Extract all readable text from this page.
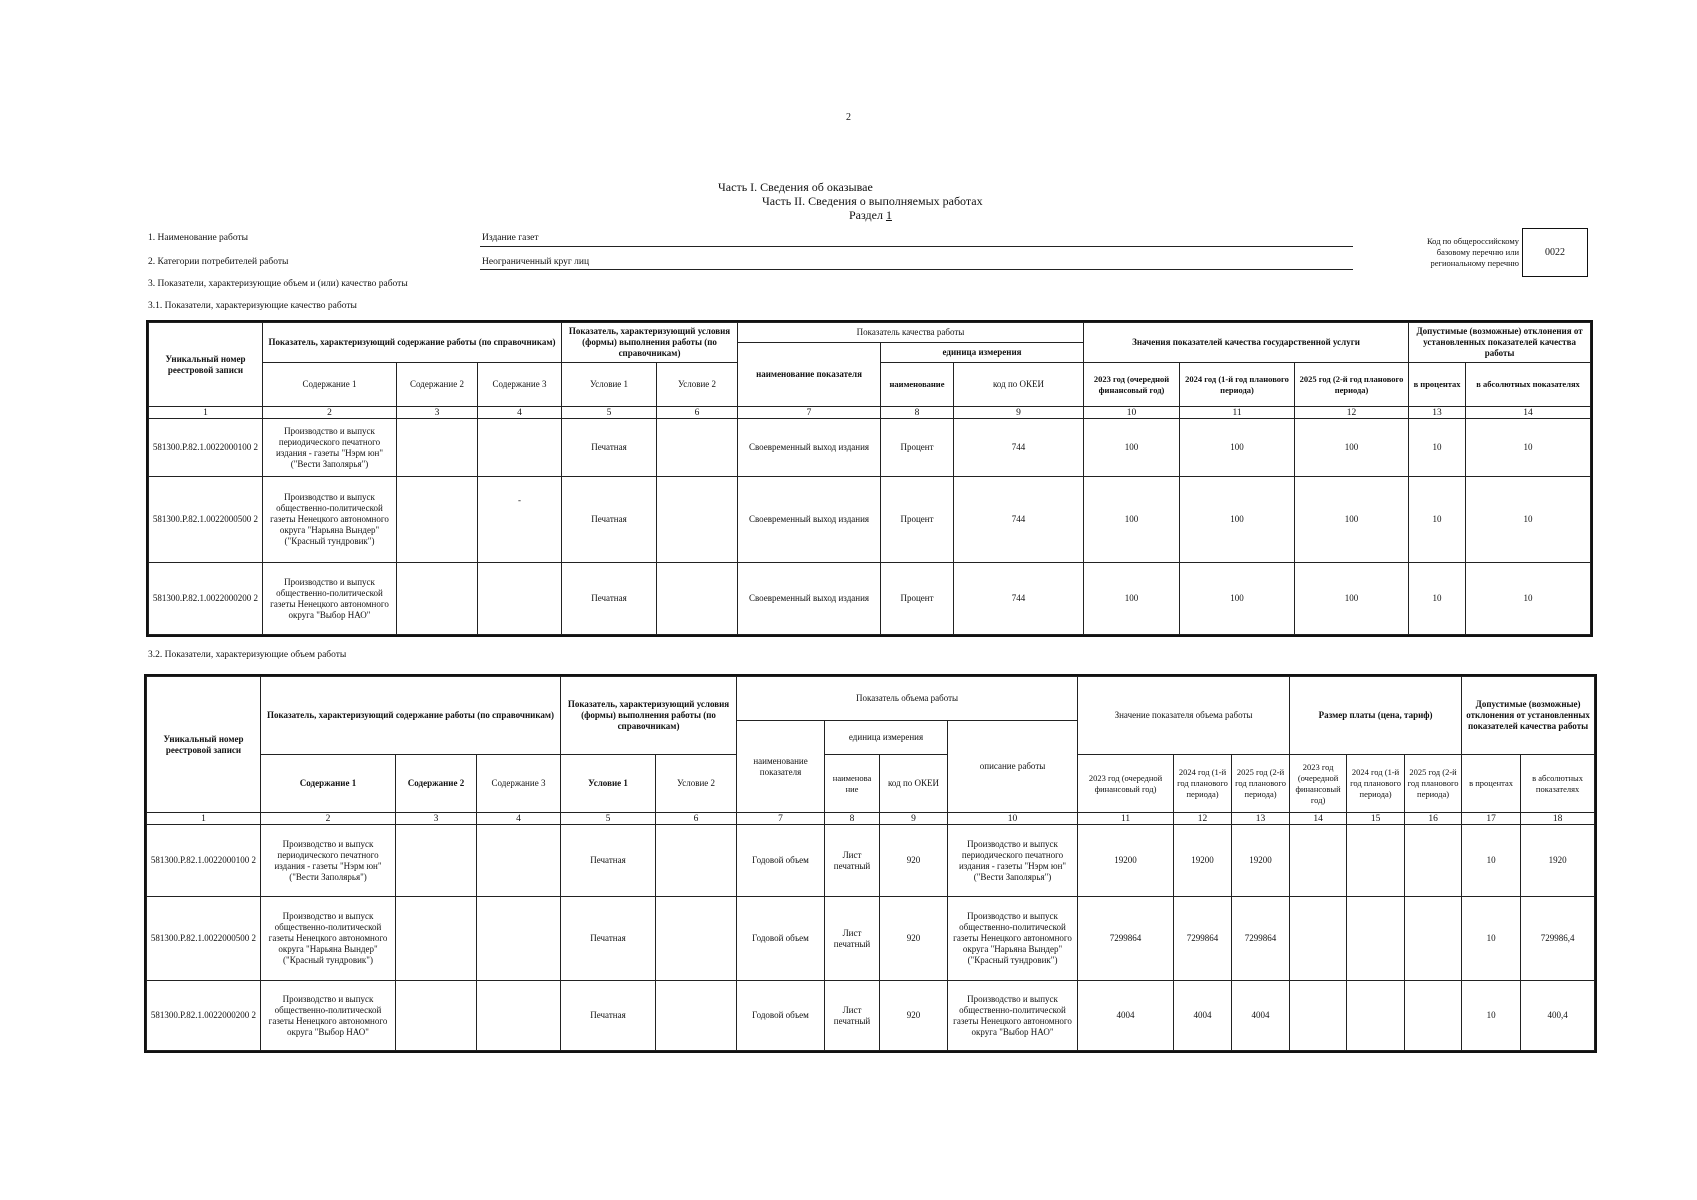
2
Часть I. Сведения об оказывае
Часть II. Сведения о выполняемых работах
Раздел 1
1. Наименование работы	Издание газет
2. Категории потребителей работы	Неограниченный круг лиц
3. Показатели, характеризующие объем и (или) качество работы
Код по общероссийскому базовому перечню или региональному перечню
0022
3.1. Показатели, характеризующие качество работы
Уникальный номер реестровой записи	Показатель, характеризующий содержание работы (по справочникам)			Показатель, характеризующий условия (формы) выполнения работы (по справочникам)		Показатель качества работы			Значения показателей качества государственной услуги			Допустимые (возможные) отклонения от установленных показателей качества работы	
						наименование показателя	единица измерения						
	Содержание 1	Содержание 2	Содержание 3	Условие 1	Условие 2		наименование	код по ОКЕИ	2023 год (очередной финансовый год)	2024 год (1-й год планового периода)	2025 год (2-й год планового периода)	в процентах	в абсолютных показателях
1	2	3	4	5	6	7	8	9	10	11	12	13	14
581300.Р.82.1.0022000100 2	Производство и выпуск периодического печатного издания - газеты "Нэрм юн" ("Вести Заполярья")			Печатная		Своевременный выход издания	Процент	744	100	100	100	10	10
581300.Р.82.1.0022000500 2	Производство и выпуск общественно-политической газеты Ненецкого автономного округа "Нарьяна Вындер" ("Красный тундровик")		-	Печатная		Своевременный выход издания	Процент	744	100	100	100	10	10
581300.Р.82.1.0022000200 2	Производство и выпуск общественно-политической газеты Ненецкого автономного округа "Выбор НАО"			Печатная		Своевременный выход издания	Процент	744	100	100	100	10	10
3.2. Показатели, характеризующие объем работы
Уникальный номер реестровой записи	Показатель, характеризующий содержание работы (по справочникам)			Показатель, характеризующий условия (формы) выполнения работы (по справочникам)		Показатель объема работы				Значение показателя объема работы			Размер платы (цена, тариф)			Допустимые (возможные) отклонения от установленных показателей качества работы	
						наименование показателя	единица измерения		описание работы								
	Содержание 1	Содержание 2	Содержание 3	Условие 1	Условие 2		наименова ние	код по ОКЕИ		2023 год (очередной финансовый год)	2024 год (1-й год планового периода)	2025 год (2-й год планового периода)	2023 год (очередной финансовый год)	2024 год (1-й год планового периода)	2025 год (2-й год планового периода)	в процентах	в абсолютных показателях
1	2	3	4	5	6	7	8	9	10	11	12	13	14	15	16	17	18
581300.Р.82.1.0022000100 2	Производство и выпуск периодического печатного издания - газеты "Нэрм юн" ("Вести Заполярья")			Печатная		Годовой объем	Лист печатный	920	Производство и выпуск периодического печатного издания - газеты "Нэрм юн" ("Вести Заполярья")	19200	19200	19200				10	1920
581300.Р.82.1.0022000500 2	Производство и выпуск общественно-политической газеты Ненецкого автономного округа "Нарьяна Вындер" ("Красный тундровик")			Печатная		Годовой объем	Лист печатный	920	Производство и выпуск общественно-политической газеты Ненецкого автономного округа "Нарьяна Вындер" ("Красный тундровик")	7299864	7299864	7299864				10	729986,4
581300.Р.82.1.0022000200 2	Производство и выпуск общественно-политической газеты Ненецкого автономного округа "Выбор НАО"			Печатная		Годовой объем	Лист печатный	920	Производство и выпуск общественно-политической газеты Ненецкого автономного округа "Выбор НАО"	4004	4004	4004				10	400,4
